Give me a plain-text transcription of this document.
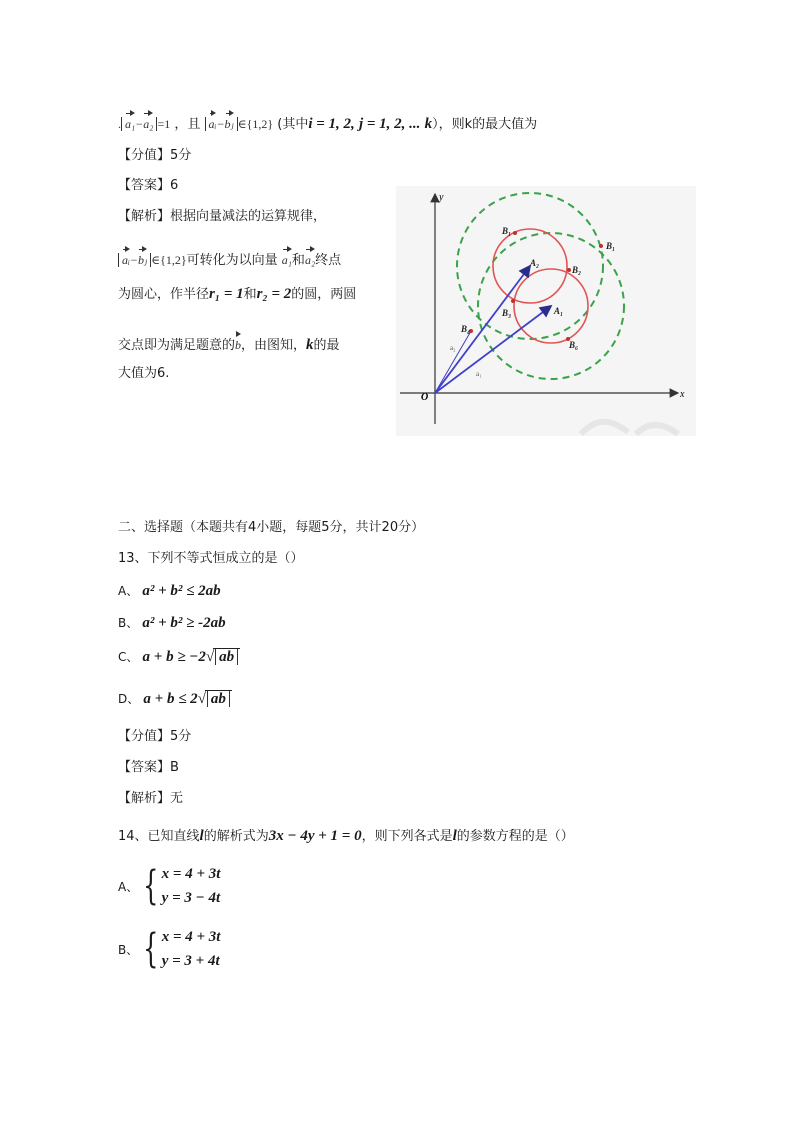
. a₁−a₂ =1 ，且 aᵢ−bⱼ ∈{1,2} (其中i = 1, 2, j = 1, 2, ... k），则k的最大值为
【分值】5分
【答案】6
【解析】根据向量减法的运算规律，
aᵢ−bⱼ ∈{1,2}可转化为以向量 a₁和a₂终点
为圆心，作半径r₁ = 1和r₂ = 2的圆，两圆
交点即为满足题意的b，由图知，k的最
大值为6.
x
y
O
B₁
B₁
A₂
B₂
B₃	A₁
B₄
B₆
a₂
a₁
二、选择题（本题共有4小题，每题5分，共计20分）
13、下列不等式恒成立的是（）
A、 a² + b² ≤ 2ab
B、 a² + b² ≥ -2ab
C、 a + b ≥ −2√ ab
D、 a + b ≤ 2√ ab
【分值】5分
【答案】B
【解析】无
14、已知直线l的解析式为3x − 4y + 1 = 0，则下列各式是l的参数方程的是（）
A、 { x = 4 + 3t
y = 3 − 4t
B、 { x = 4 + 3t
y = 3 + 4t
